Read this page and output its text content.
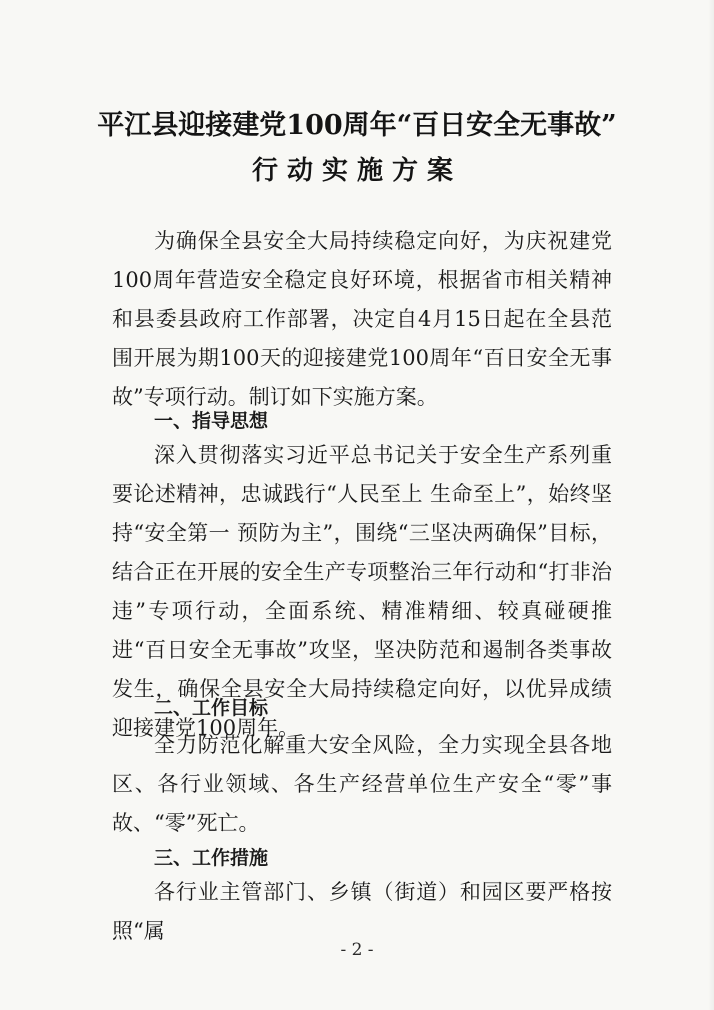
平江县迎接建党100周年“百日安全无事故”
行动实施方案
为确保全县安全大局持续稳定向好，为庆祝建党100周年营造安全稳定良好环境，根据省市相关精神和县委县政府工作部署，决定自4月15日起在全县范围开展为期100天的迎接建党100周年“百日安全无事故”专项行动。制订如下实施方案。
一、指导思想
深入贯彻落实习近平总书记关于安全生产系列重要论述精神，忠诚践行“人民至上 生命至上”，始终坚持“安全第一 预防为主”，围绕“三坚决两确保”目标，结合正在开展的安全生产专项整治三年行动和“打非治违”专项行动，全面系统、精准精细、较真碰硬推进“百日安全无事故”攻坚，坚决防范和遏制各类事故发生，确保全县安全大局持续稳定向好，以优异成绩迎接建党100周年。
二、工作目标
全力防范化解重大安全风险，全力实现全县各地区、各行业领域、各生产经营单位生产安全“零”事故、“零”死亡。
三、工作措施
各行业主管部门、乡镇（街道）和园区要严格按照“属
- 2 -
